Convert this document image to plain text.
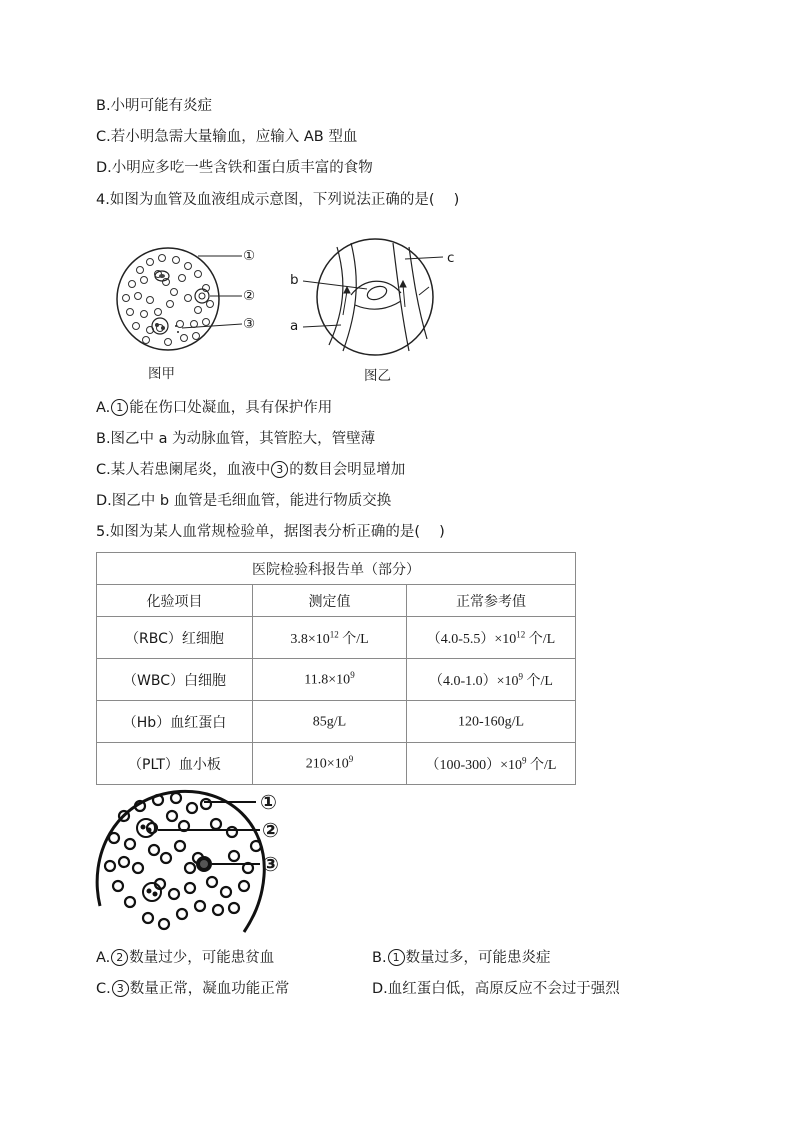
B.小明可能有炎症
C.若小明急需大量输血，应输入 AB 型血
D.小明应多吃一些含铁和蛋白质丰富的食物
4.如图为血管及血液组成示意图，下列说法正确的是(　 )
①
②
③
图甲
b
a
c
图乙
A. 1 能在伤口处凝血，具有保护作用
B.图乙中 a 为动脉血管，其管腔大，管壁薄
C.某人若患阑尾炎，血液中 3 的数目会明显增加
D.图乙中 b 血管是毛细血管，能进行物质交换
5.如图为某人血常规检验单，据图表分析正确的是(　 )
医院检验科报告单（部分）		
化验项目	测定值	正常参考值
（RBC）红细胞	$3.8\times 10^{12}$ 个/L	$(4.0-5.5)\times 10^{12}$ 个/L
（WBC）白细胞	$11.8\times 10^9$	$(4.0-1.0)\times 10^9$ 个/L
（Hb）血红蛋白	85g/L	120-160g/L
（PLT）血小板	$210\times 10^9$	$(100-300)\times 10^9$ 个/L
①
②
③
A. 2 数量过少，可能患贫血	B. 1 数量过多，可能患炎症
C. 3 数量正常，凝血功能正常	D.血红蛋白低，高原反应不会过于强烈
